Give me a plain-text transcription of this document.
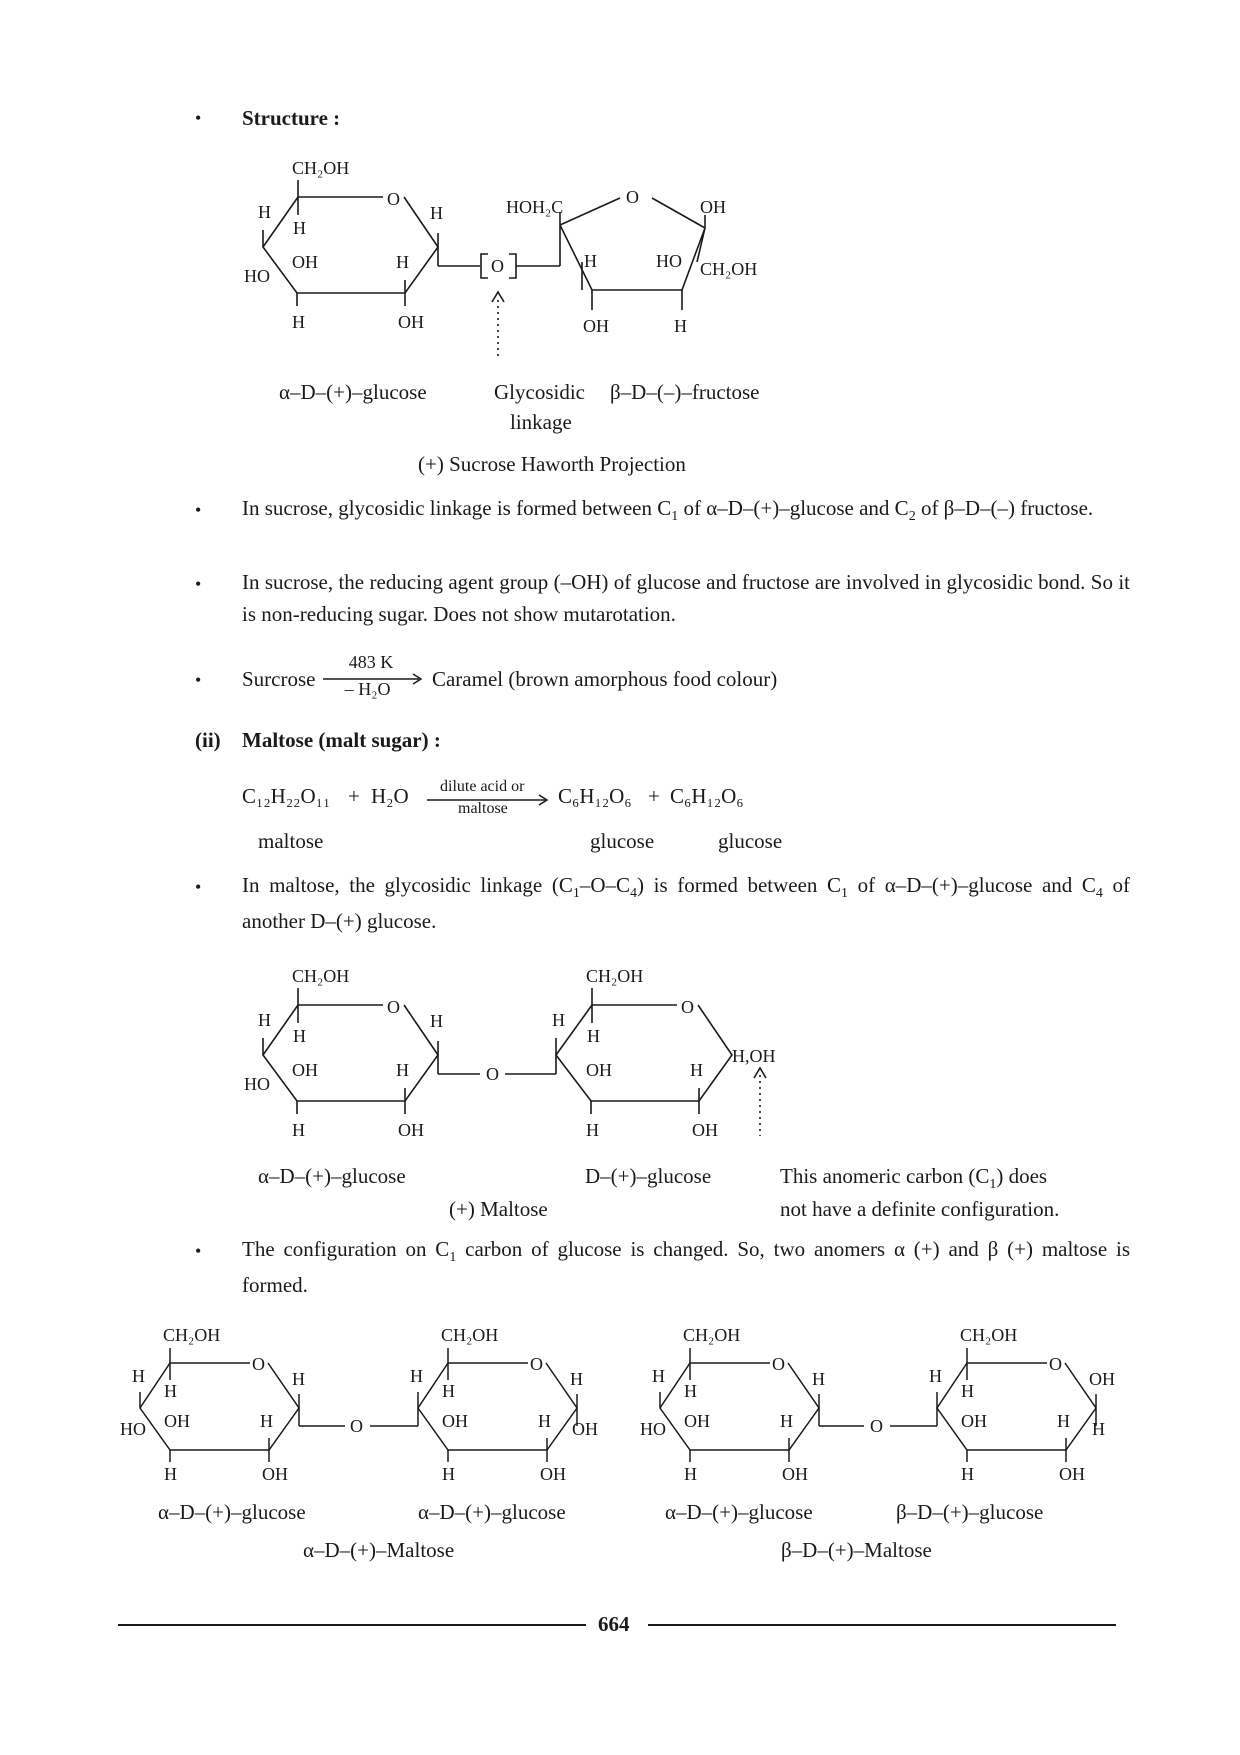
• Structure :
CH₂OH
O
H
H
HO
OH	H
H
H	OH
O
HOH₂C	O	OH
H	HO CH₂OH
OH	H
α–D–(+)–glucose	Glycosidic
linkage
β–D–(–)–fructose
(+) Sucrose Haworth Projection
• In sucrose, glycosidic linkage is formed between $C_1$ of α–D–(+)–glucose and $C_2$ of β–D–(–) fructose.

• In sucrose, the reducing agent group (–OH) of glucose and fructose are involved in glycosidic bond. So it is non-reducing sugar. Does not show mutarotation.

• Surcrose
483 K
– H₂O Caramel (brown amorphous food colour)
(ii) Maltose (malt sugar) :
C₁₂H₂₂O₁₁ + H₂O dilute acid or
maltose
C₆H₁₂O₆ + C₆H₁₂O₆
maltose	glucose	glucose
• In maltose, the glycosidic linkage $(C_1-O-C_4)$ is formed between $C_1$ of α–D–(+)–glucose and $C_4$ of another D–(+) glucose.

CH₂OH
O
H
H
HO
OH	H
H
H	OH
O
CH₂OH
O
H
H
OH	H
H,OH
H	OH
α–D–(+)–glucose	D–(+)–glucose
(+) Maltose
This anomeric carbon $(C_1)$ does
not have a definite configuration.
• The configuration on $C_1$ carbon of glucose is changed. So, two anomers α (+) and β (+) maltose is formed.

CH₂OH
O
H
H
HO OH	H
H
H	OH
O
CH₂OH
O
H
H
OH	H
H
OH
H	OH
CH₂OH
O
H
H
HO OH	H
H
H	OH
O
CH₂OH
O
H
H
OH	H
OH
H
H	OH
α–D–(+)–glucose	α–D–(+)–glucose	α–D–(+)–glucose	β–D–(+)–glucose
α–D–(+)–Maltose	β–D–(+)–Maltose
664
